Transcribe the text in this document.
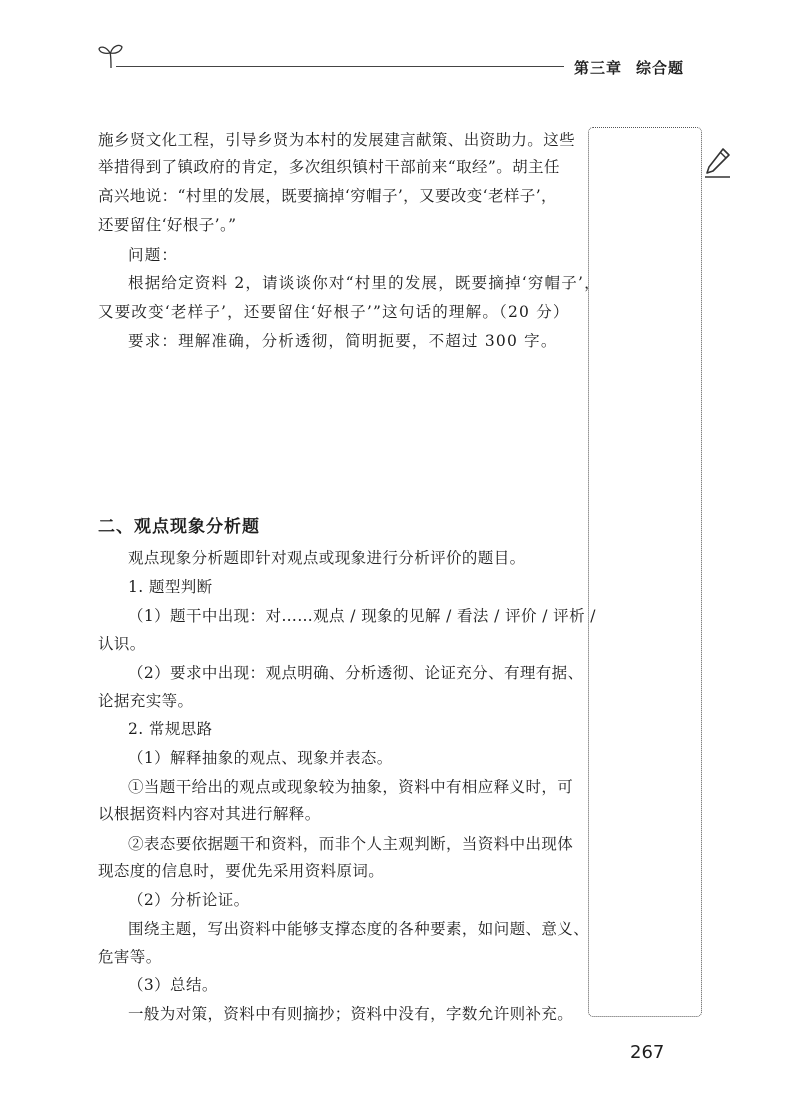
第三章 综合题
施乡贤文化工程，引导乡贤为本村的发展建言献策、出资助力。这些
举措得到了镇政府的肯定，多次组织镇村干部前来“取经”。胡主任
高兴地说：“村里的发展，既要摘掉‘穷帽子’，又要改变‘老样子’，
还要留住‘好根子’。”
问题：
根据给定资料 2，请谈谈你对“村里的发展，既要摘掉‘穷帽子’，
又要改变‘老样子’，还要留住‘好根子’”这句话的理解。（20 分）
要求：理解准确，分析透彻，简明扼要，不超过 300 字。
二、观点现象分析题
观点现象分析题即针对观点或现象进行分析评价的题目。
1. 题型判断
（1）题干中出现：对……观点 / 现象的见解 / 看法 / 评价 / 评析 /
认识。
（2）要求中出现：观点明确、分析透彻、论证充分、有理有据、
论据充实等。
2. 常规思路
（1）解释抽象的观点、现象并表态。
①当题干给出的观点或现象较为抽象，资料中有相应释义时，可
以根据资料内容对其进行解释。
②表态要依据题干和资料，而非个人主观判断，当资料中出现体
现态度的信息时，要优先采用资料原词。
（2）分析论证。
围绕主题，写出资料中能够支撑态度的各种要素，如问题、意义、
危害等。
（3）总结。
一般为对策，资料中有则摘抄；资料中没有，字数允许则补充。
267
